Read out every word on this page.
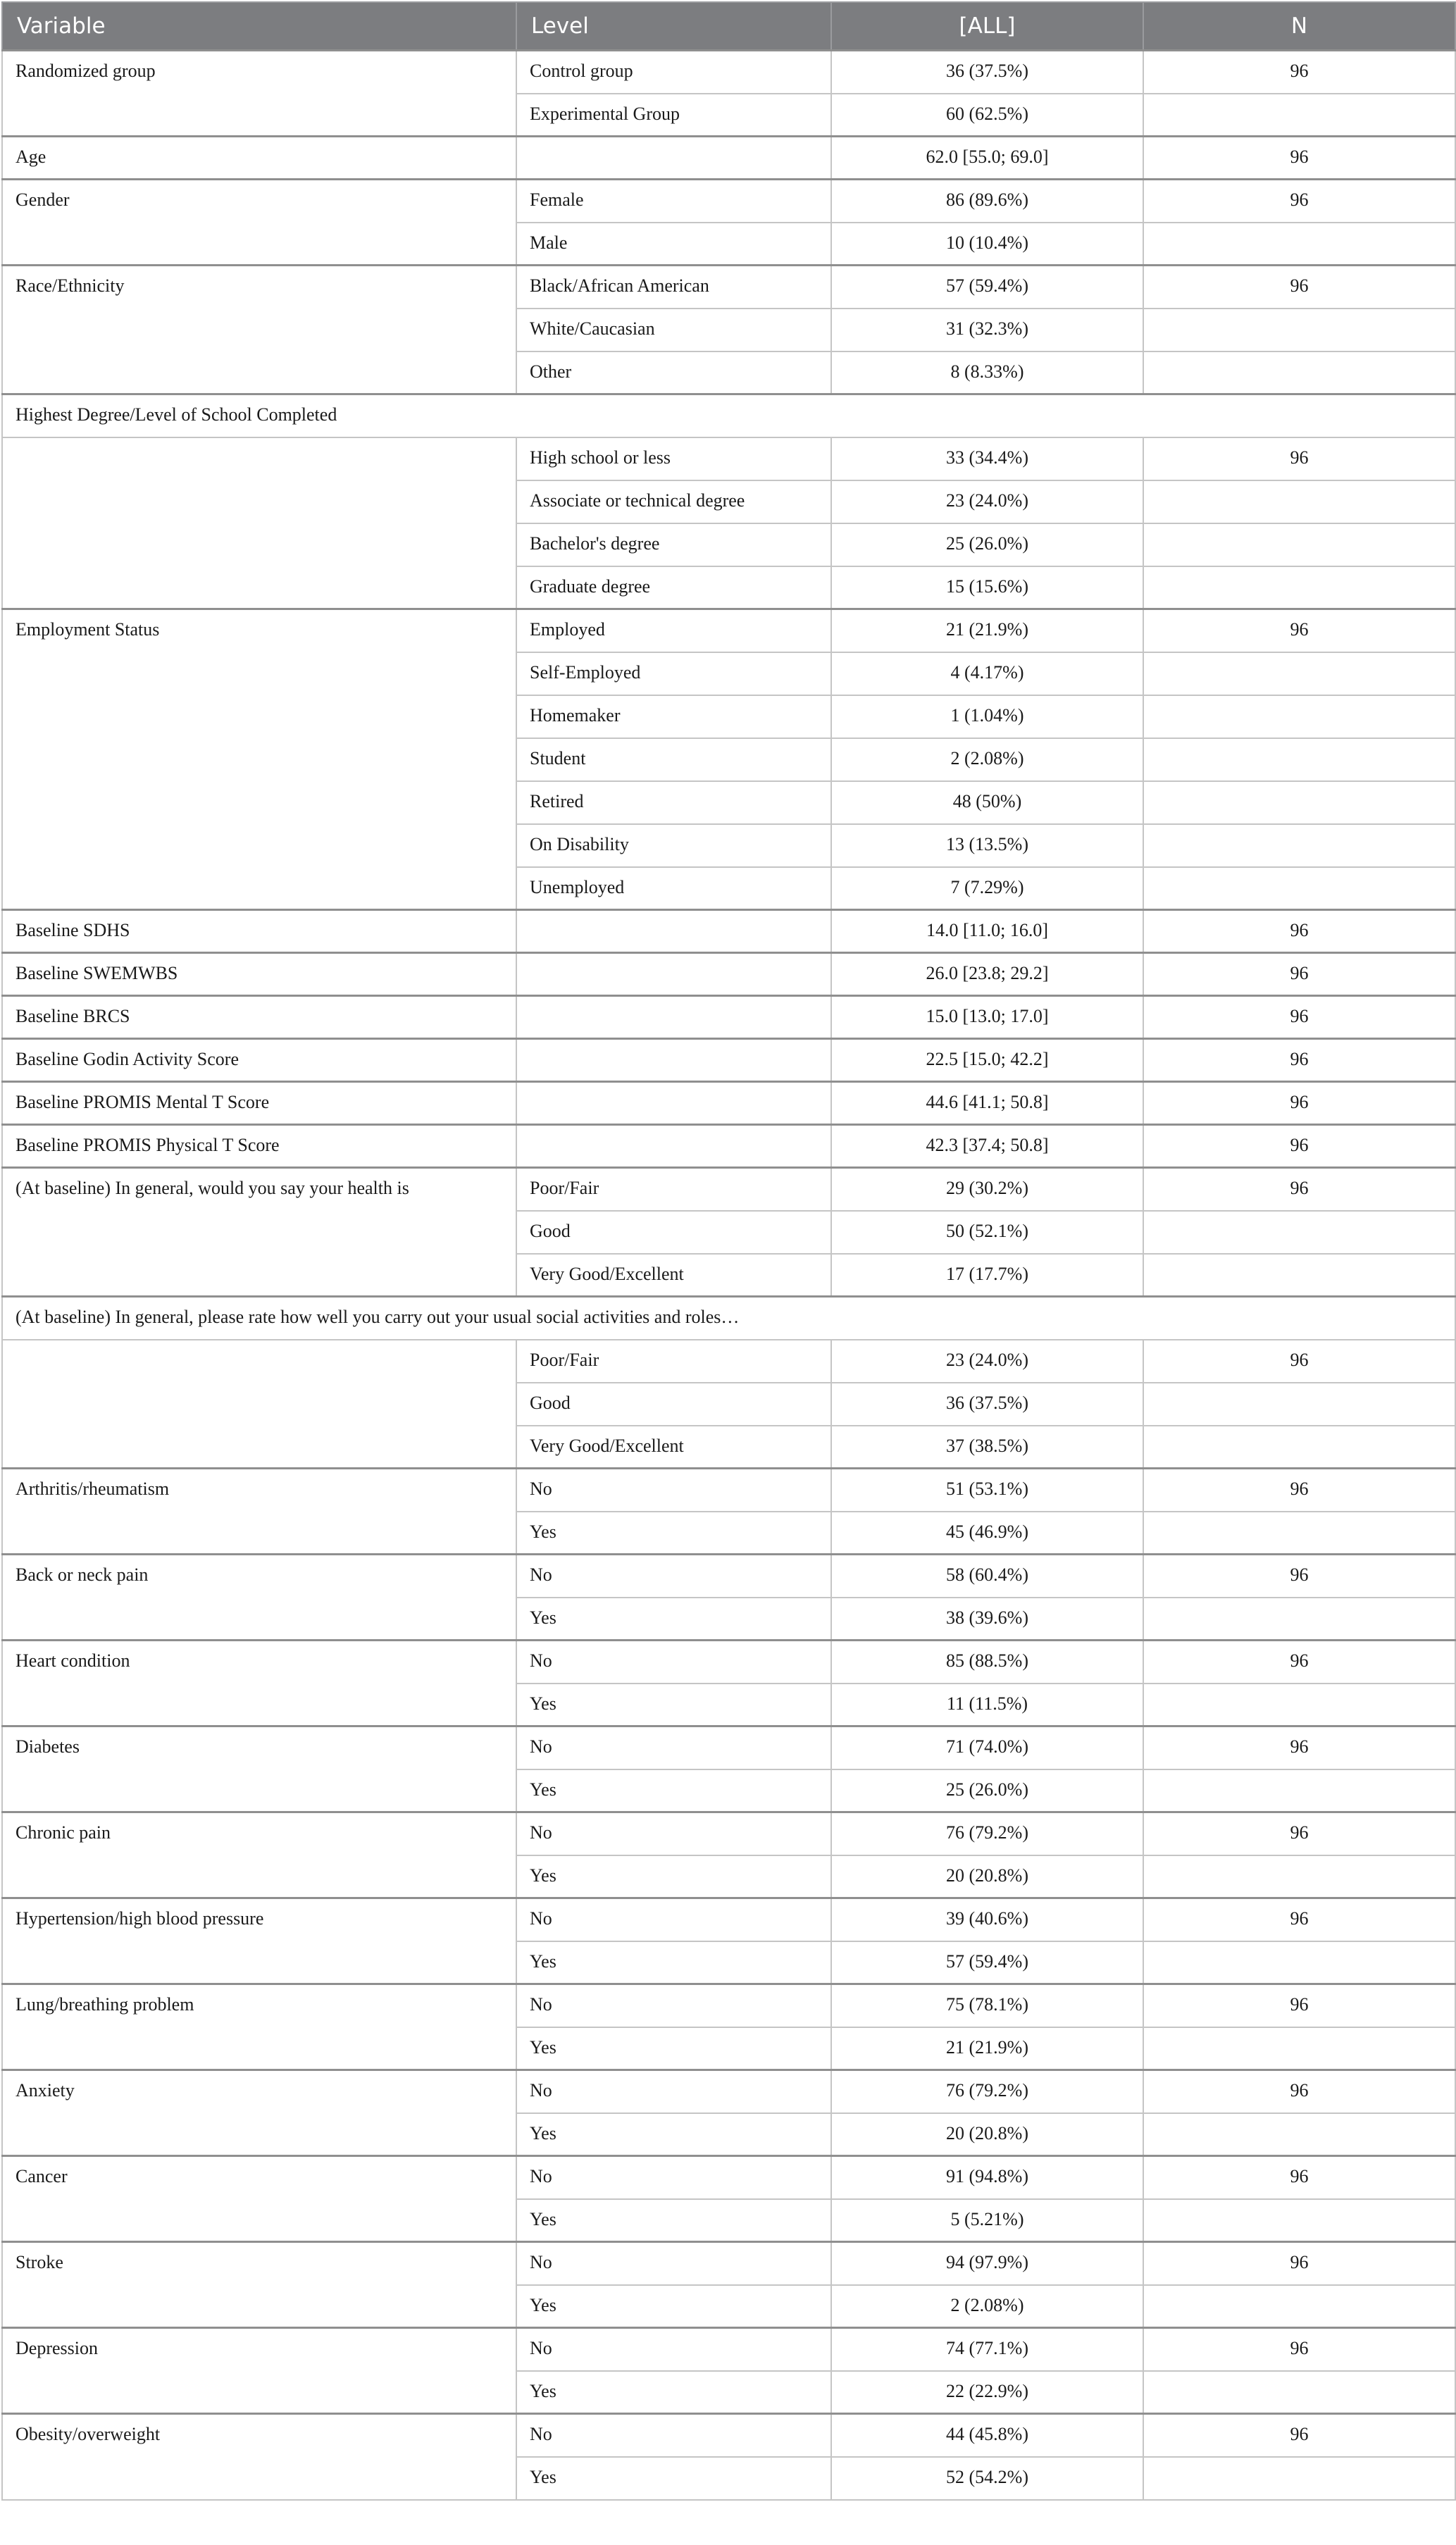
Variable	Level	[ALL]	N
Randomized group	Control group	36 (37.5%)	96
	Experimental Group	60 (62.5%)	
Age		62.0 [55.0; 69.0]	96
Gender	Female	86 (89.6%)	96
	Male	10 (10.4%)	
Race/Ethnicity	Black/African American	57 (59.4%)	96
	White/Caucasian	31 (32.3%)	
	Other	8 (8.33%)	
Highest Degree/Level of School Completed			
	High school or less	33 (34.4%)	96
	Associate or technical degree	23 (24.0%)	
	Bachelor's degree	25 (26.0%)	
	Graduate degree	15 (15.6%)	
Employment Status	Employed	21 (21.9%)	96
	Self-Employed	4 (4.17%)	
	Homemaker	1 (1.04%)	
	Student	2 (2.08%)	
	Retired	48 (50%)	
	On Disability	13 (13.5%)	
	Unemployed	7 (7.29%)	
Baseline SDHS		14.0 [11.0; 16.0]	96
Baseline SWEMWBS		26.0 [23.8; 29.2]	96
Baseline BRCS		15.0 [13.0; 17.0]	96
Baseline Godin Activity Score		22.5 [15.0; 42.2]	96
Baseline PROMIS Mental T Score		44.6 [41.1; 50.8]	96
Baseline PROMIS Physical T Score		42.3 [37.4; 50.8]	96
(At baseline) In general, would you say your health is	Poor/Fair	29 (30.2%)	96
	Good	50 (52.1%)	
	Very Good/Excellent	17 (17.7%)	
(At baseline) In general, please rate how well you carry out your usual social activities and roles…			
	Poor/Fair	23 (24.0%)	96
	Good	36 (37.5%)	
	Very Good/Excellent	37 (38.5%)	
Arthritis/rheumatism	No	51 (53.1%)	96
	Yes	45 (46.9%)	
Back or neck pain	No	58 (60.4%)	96
	Yes	38 (39.6%)	
Heart condition	No	85 (88.5%)	96
	Yes	11 (11.5%)	
Diabetes	No	71 (74.0%)	96
	Yes	25 (26.0%)	
Chronic pain	No	76 (79.2%)	96
	Yes	20 (20.8%)	
Hypertension/high blood pressure	No	39 (40.6%)	96
	Yes	57 (59.4%)	
Lung/breathing problem	No	75 (78.1%)	96
	Yes	21 (21.9%)	
Anxiety	No	76 (79.2%)	96
	Yes	20 (20.8%)	
Cancer	No	91 (94.8%)	96
	Yes	5 (5.21%)	
Stroke	No	94 (97.9%)	96
	Yes	2 (2.08%)	
Depression	No	74 (77.1%)	96
	Yes	22 (22.9%)	
Obesity/overweight	No	44 (45.8%)	96
	Yes	52 (54.2%)	
